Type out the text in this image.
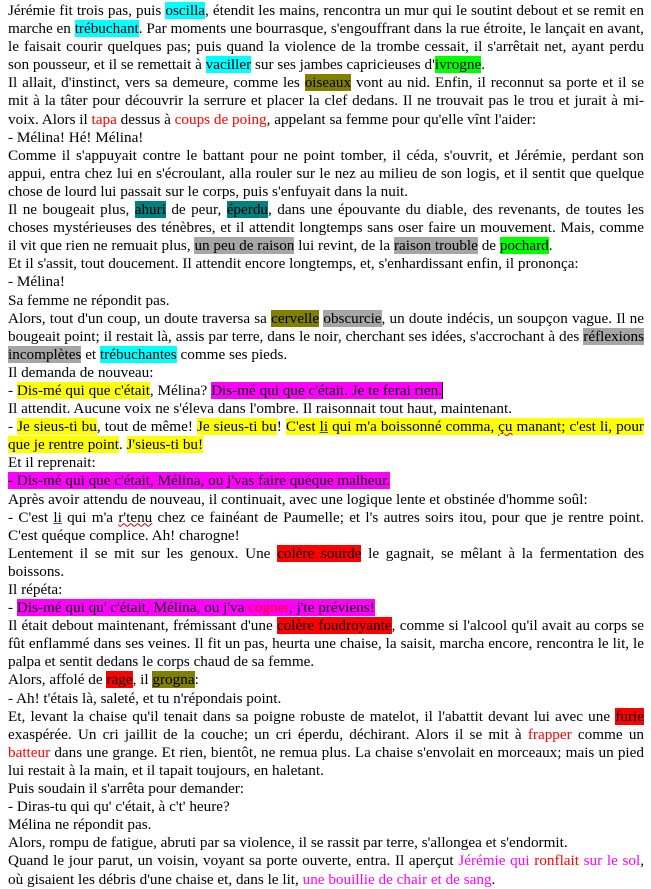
Jérémie fit trois pas, puis oscilla, étendit les mains, rencontra un mur qui le soutint debout et se remit en marche en trébuchant. Par moments une bourrasque, s'engouffrant dans la rue étroite, le lançait en avant, le faisait courir quelques pas; puis quand la violence de la trombe cessait, il s'arrêtait net, ayant perdu son pousseur, et il se remettait à vaciller sur ses jambes capricieuses d'ivrogne.

Il allait, d'instinct, vers sa demeure, comme les oiseaux vont au nid. Enfin, il reconnut sa porte et il se mit à la tâter pour découvrir la serrure et placer la clef dedans. Il ne trouvait pas le trou et jurait à mi-voix. Alors il tapa dessus à coups de poing, appelant sa femme pour qu'elle vînt l'aider:

- Mélina! Hé! Mélina!

Comme il s'appuyait contre le battant pour ne point tomber, il céda, s'ouvrit, et Jérémie, perdant son appui, entra chez lui en s'écroulant, alla rouler sur le nez au milieu de son logis, et il sentit que quelque chose de lourd lui passait sur le corps, puis s'enfuyait dans la nuit.

Il ne bougeait plus, ahuri de peur, éperdu, dans une épouvante du diable, des revenants, de toutes les choses mystérieuses des ténèbres, et il attendit longtemps sans oser faire un mouvement. Mais, comme il vit que rien ne remuait plus, un peu de raison lui revint, de la raison trouble de pochard.

Et il s'assit, tout doucement. Il attendit encore longtemps, et, s'enhardissant enfin, il prononça:

- Mélina!

Sa femme ne répondit pas.

Alors, tout d'un coup, un doute traversa sa cervelle obscurcie, un doute indécis, un soupçon vague. Il ne bougeait point; il restait là, assis par terre, dans le noir, cherchant ses idées, s'accrochant à des réflexions incomplètes et trébuchantes comme ses pieds.

Il demanda de nouveau:

- Dis-mé qui que c'était, Mélina? Dis-mé qui que c'était. Je te ferai rien.

Il attendit. Aucune voix ne s'éleva dans l'ombre. Il raisonnait tout haut, maintenant.

- Je sieus-ti bu, tout de même! Je sieus-ti bu! C'est li qui m'a boissonné comma, çu manant; c'est li, pour que je rentre point. J'sieus-ti bu!

Et il reprenait:

- Dis-mé qui que c'était, Mélina, ou j'vas faire quéque malheur.

Après avoir attendu de nouveau, il continuait, avec une logique lente et obstinée d'homme soûl:

- C'est li qui m'a r'tenu chez ce fainéant de Paumelle; et l's autres soirs itou, pour que je rentre point. C'est quéque complice. Ah! charogne!

Lentement il se mit sur les genoux. Une colère sourde le gagnait, se mêlant à la fermentation des boissons.

Il répéta:

- Dis-mé qui qu' c'était, Mélina, ou j'va cogner, j'te préviens!

Il était debout maintenant, frémissant d'une colère foudroyante, comme si l'alcool qu'il avait au corps se fût enflammé dans ses veines. Il fit un pas, heurta une chaise, la saisit, marcha encore, rencontra le lit, le palpa et sentit dedans le corps chaud de sa femme.

Alors, affolé de rage, il grogna:

- Ah! t'étais là, saleté, et tu n'répondais point.

Et, levant la chaise qu'il tenait dans sa poigne robuste de matelot, il l'abattit devant lui avec une furie exaspérée. Un cri jaillit de la couche; un cri éperdu, déchirant. Alors il se mit à frapper comme un batteur dans une grange. Et rien, bientôt, ne remua plus. La chaise s'envolait en morceaux; mais un pied lui restait à la main, et il tapait toujours, en haletant.

Puis soudain il s'arrêta pour demander:

- Diras-tu qui qu' c'était, à c't' heure?

Mélina ne répondit pas.

Alors, rompu de fatigue, abruti par sa violence, il se rassit par terre, s'allongea et s'endormit.

Quand le jour parut, un voisin, voyant sa porte ouverte, entra. Il aperçut Jérémie qui ronflait sur le sol, où gisaient les débris d'une chaise et, dans le lit, une bouillie de chair et de sang.
